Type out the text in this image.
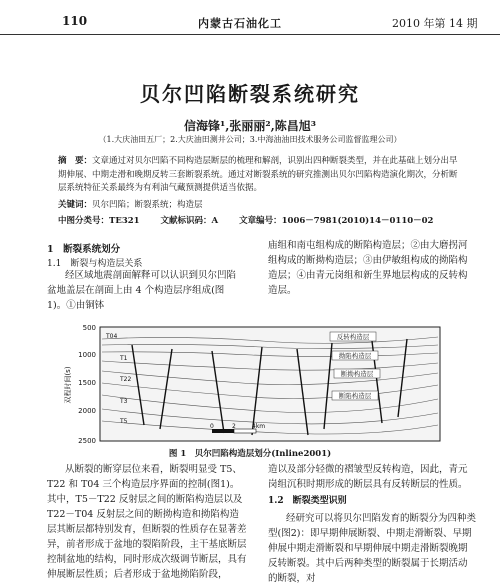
110	内蒙古石油化工	2010 年第 14 期
贝尔凹陷断裂系统研究
信海锋¹,张丽丽²,陈昌旭³
（1.大庆油田五厂；2.大庆油田测井公司；3.中海油油田技术服务公司监督监理公司）
摘　要：文章通过对贝尔凹陷不同构造层断层的梳理和解剖，识别出四种断裂类型，并在此基础上划分出早期伸展、中期走滑和晚期反转三套断裂系统。通过对断裂系统的研究推测出贝尔凹陷构造演化期次，分析断层系统特征关系最终为有利油气藏预测提供适当依据。
关键词：贝尔凹陷；断裂系统；构造层
中图分类号：TE321 文献标识码：A 文章编号：1006－7981(2010)14－0110－02
1　断裂系统划分
1.1　断裂与构造层关系
经区域地震剖面解释可以认识到贝尔凹陷盆地盖层在剖面上由 4 个构造层序组成(图1)。①由铜钵
庙组和南屯组构成的断陷构造层；②由大磨拐河组构成的断拗构造层；③由伊敏组构成的拗陷构造层；④由青元岗组和新生界地层构成的反转构造层。
500
1000
1500
2000
2500
双程时间(s)
反转构造层
拗陷构造层
断拗构造层
断陷构造层
T04
T1
T22
T3
T5
0	2	4km
图 1　贝尔凹陷构造层划分(Inline2001)
从断裂的断穿层位来看，断裂明显受 T5、T22 和 T04 三个构造层序界面的控制(图1)。其中，T5－T22 反射层之间的断陷构造层以及 T22－T04 反射层之间的断拗构造和拗陷构造层其断层都特别发育，但断裂的性质存在显著差异，前者形成于盆地的裂陷阶段，主干基底断层控制盆地的结构，同时形成次级调节断层，具有伸展断层性质；后者形成于盆地拗陷阶段，
造以及部分轻微的褶皱型反转构造，因此，青元岗组沉积时期形成的断层具有反转断层的性质。
1.2　断裂类型识别
经研究可以将贝尔凹陷发育的断裂分为四种类型(图2)：即早期伸展断裂、中期走滑断裂、早期伸展中期走滑断裂和早期伸展中期走滑断裂晚期反转断裂。其中后两种类型的断裂属于长期活动的断裂，对
